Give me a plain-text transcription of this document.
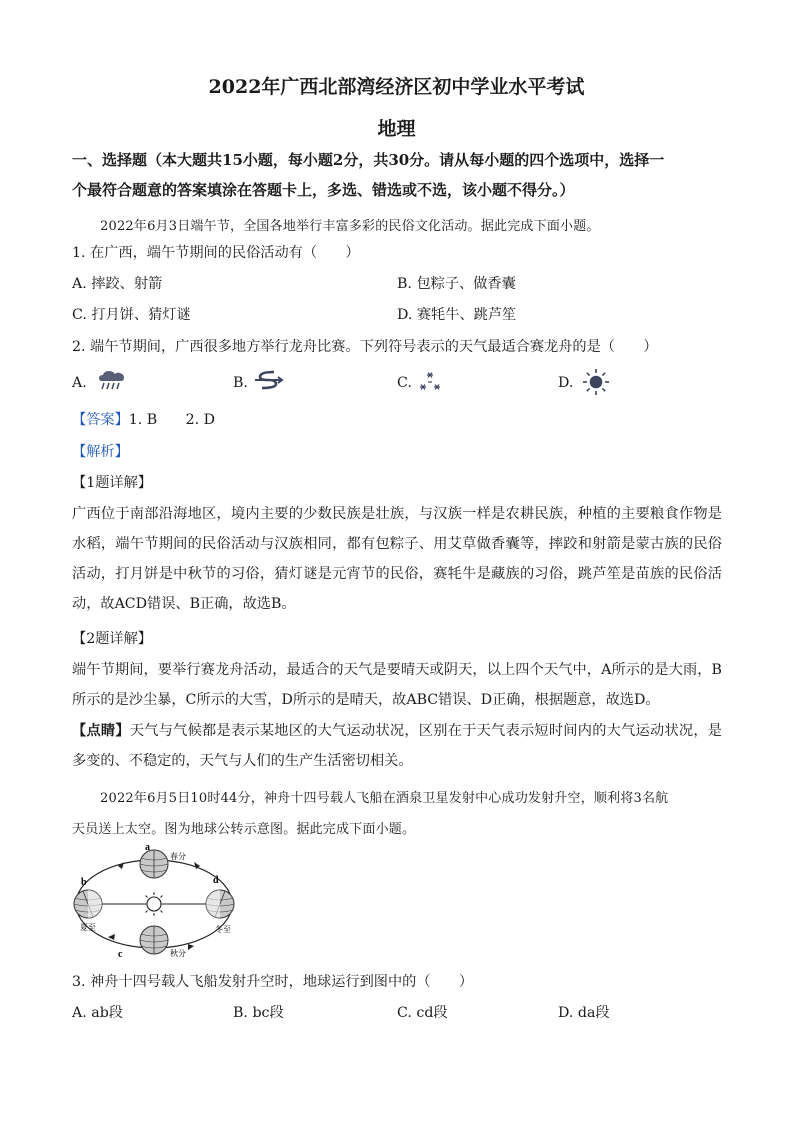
2022年广西北部湾经济区初中学业水平考试
地理
一、选择题（本大题共15小题，每小题2分，共30分。请从每小题的四个选项中，选择一
个最符合题意的答案填涂在答题卡上，多选、错选或不选，该小题不得分。）
2022年6月3日端午节，全国各地举行丰富多彩的民俗文化活动。据此完成下面小题。
1. 在广西，端午节期间的民俗活动有（　　）
A. 摔跤、射箭	B. 包粽子、做香囊
C. 打月饼、猜灯谜	D. 赛牦牛、跳芦笙
2. 端午节期间，广西很多地方举行龙舟比赛。下列符号表示的天气最适合赛龙舟的是（　　）
A.	B.	C.	D.
【答案】1. B　　2. D
【解析】
【1题详解】
广西位于南部沿海地区，境内主要的少数民族是壮族，与汉族一样是农耕民族，种植的主要粮食作物是水稻，端午节期间的民俗活动与汉族相同，都有包粽子、用艾草做香囊等，摔跤和射箭是蒙古族的民俗活动，打月饼是中秋节的习俗，猜灯谜是元宵节的民俗，赛牦牛是藏族的习俗，跳芦笙是苗族的民俗活动，故ACD错误、B正确，故选B。
【2题详解】
端午节期间，要举行赛龙舟活动，最适合的天气是要晴天或阴天，以上四个天气中，A所示的是大雨，B所示的是沙尘暴，C所示的大雪，D所示的是晴天，故ABC错误、D正确，根据题意，故选D。
【点睛】天气与气候都是表示某地区的大气运动状况，区别在于天气表示短时间内的大气运动状况，是多变的、不稳定的，天气与人们的生产生活密切相关。
2022年6月5日10时44分，神舟十四号载人飞船在酒泉卫星发射中心成功发射升空，顺利将3名航
天员送上太空。图为地球公转示意图。据此完成下面小题。
a
春分
b	d
夏至	冬至
c	秋分
3. 神舟十四号载人飞船发射升空时，地球运行到图中的（　　）
A. ab段	B. bc段	C. cd段	D. da段
